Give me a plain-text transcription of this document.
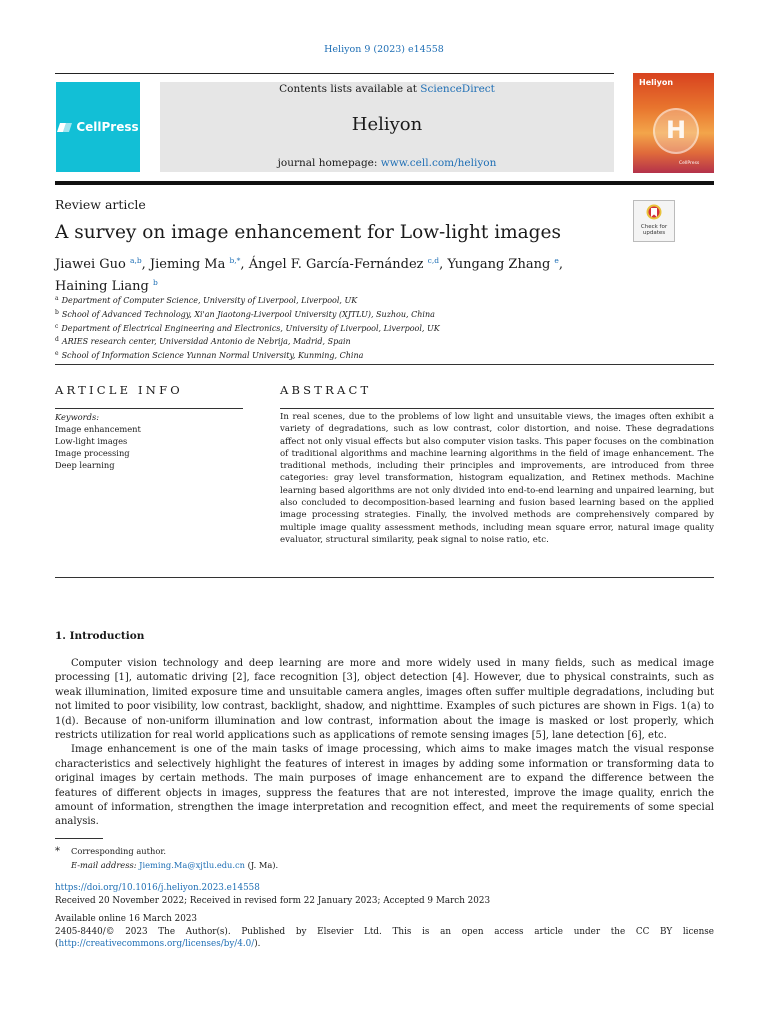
Heliyon 9 (2023) e14558
CellPress
Contents lists available at ScienceDirect
Heliyon
journal homepage: www.cell.com/heliyon
Heliyon
H
CellPress
Review article
Check for
updates
A survey on image enhancement for Low-light images
Jiawei Guo $^{a,b}$, Jieming Ma $^{b,*}$, Ángel F. García-Fernández $^{c,d}$, Yungang Zhang $^e$,
Haining Liang $^b$
$^a$ Department of Computer Science, University of Liverpool, Liverpool, UK
$^b$ School of Advanced Technology, Xi'an Jiaotong-Liverpool University (XJTLU), Suzhou, China
$^c$ Department of Electrical Engineering and Electronics, University of Liverpool, Liverpool, UK
$^d$ ARIES research center, Universidad Antonio de Nebrija, Madrid, Spain
$^e$ School of Information Science Yunnan Normal University, Kunming, China
ARTICLE INFO	ABSTRACT
Keywords:
Image enhancement
Low-light images
Image processing
Deep learning
In real scenes, due to the problems of low light and unsuitable views, the images often exhibit a variety of degradations, such as low contrast, color distortion, and noise. These degradations affect not only visual effects but also computer vision tasks. This paper focuses on the combination of traditional algorithms and machine learning algorithms in the field of image enhancement. The traditional methods, including their principles and improvements, are introduced from three categories: gray level transformation, histogram equalization, and Retinex methods. Machine learning based algorithms are not only divided into end-to-end learning and unpaired learning, but also concluded to decomposition-based learning and fusion based learning based on the applied image processing strategies. Finally, the involved methods are comprehensively compared by multiple image quality assessment methods, including mean square error, natural image quality evaluator, structural similarity, peak signal to noise ratio, etc.
1. Introduction

Computer vision technology and deep learning are more and more widely used in many fields, such as medical image processing [1], automatic driving [2], face recognition [3], object detection [4]. However, due to physical constraints, such as weak illumination, limited exposure time and unsuitable camera angles, images often suffer multiple degradations, including but not limited to poor visibility, low contrast, backlight, shadow, and nighttime. Examples of such pictures are shown in Figs. 1(a) to 1(d). Because of non-uniform illumination and low contrast, information about the image is masked or lost properly, which restricts utilization for real world applications such as applications of remote sensing images [5], lane detection [6], etc.

Image enhancement is one of the main tasks of image processing, which aims to make images match the visual response characteristics and selectively highlight the features of interest in images by adding some information or transforming data to original images by certain methods. The main purposes of image enhancement are to expand the difference between the features of different objects in images, suppress the features that are not interested, improve the image quality, enrich the amount of information, strengthen the image interpretation and recognition effect, and meet the requirements of some special analysis.

* Corresponding author.
E-mail address: Jieming.Ma@xjtlu.edu.cn (J. Ma).
https://doi.org/10.1016/j.heliyon.2023.e14558
Received 20 November 2022; Received in revised form 22 January 2023; Accepted 9 March 2023
Available online 16 March 2023
2405-8440/© 2023 The Author(s). Published by Elsevier Ltd. This is an open access article under the CC BY license (http://creativecommons.org/licenses/by/4.0/).
